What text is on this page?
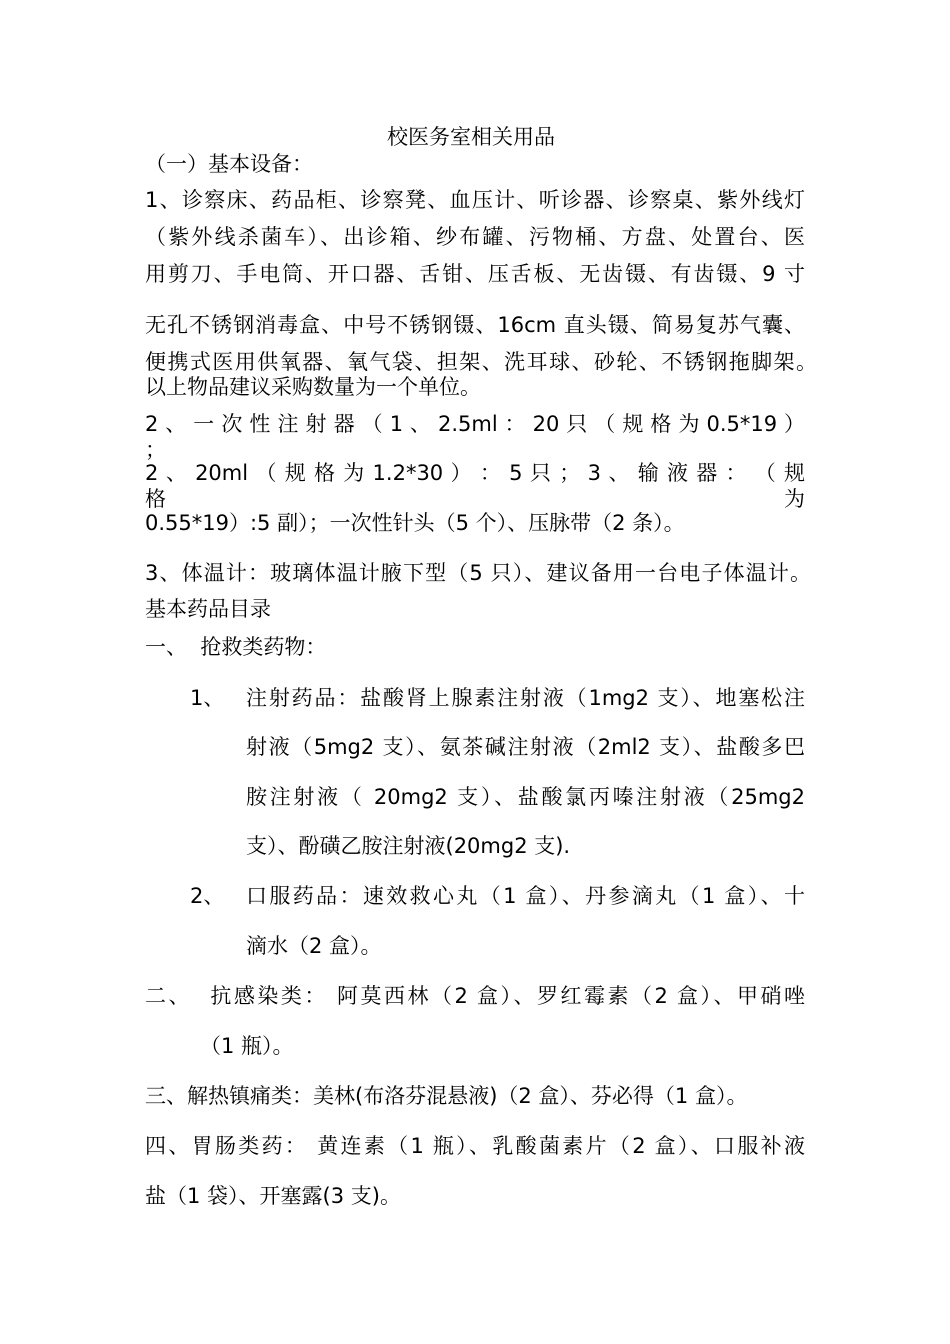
校医务室相关用品
（一）基本设备：
1、诊察床、药品柜、诊察凳、血压计、听诊器、诊察桌、紫外线灯
（紫外线杀菌车）、出诊箱、纱布罐、污物桶、方盘、处置台、医
用剪刀、手电筒、开口器、舌钳、压舌板、无齿镊、有齿镊、9 寸
无孔不锈钢消毒盒、中号不锈钢镊、16cm 直头镊、简易复苏气囊、
便携式医用供氧器、氧气袋、担架、洗耳球、砂轮、不锈钢拖脚架。
以上物品建议采购数量为一个单位。
2 、 一 次 性 注 射 器 （ 1 、 2.5ml ： 20 只 （ 规 格 为 0.5*19 ） ；
2 、 20ml （ 规 格 为 1.2*30 ） ： 5 只 ； 3 、 输 液 器 ： （ 规 格 为
0.55*19）:5 副）；一次性针头（5 个）、压脉带（2 条）。
3、体温计：玻璃体温计腋下型（5 只）、建议备用一台电子体温计。
基本药品目录
一、  抢救类药物：
1、 注射药品：盐酸肾上腺素注射液（1mg2 支）、地塞松注
射液（5mg2 支）、氨茶碱注射液（2ml2 支）、盐酸多巴
胺注射液（ 20mg2 支）、盐酸氯丙嗪注射液（25mg2
支）、酚磺乙胺注射液(20mg2 支).
2、 口服药品：速效救心丸（1 盒）、丹参滴丸（1 盒）、十
滴水（2 盒）。
二、  抗感染类： 阿莫西林（2 盒）、罗红霉素（2 盒）、甲硝唑
（1 瓶）。
三、解热镇痛类：美林(布洛芬混悬液)（2 盒）、芬必得（1 盒）。
四、胃肠类药： 黄连素（1 瓶）、乳酸菌素片（2 盒）、口服补液
盐（1 袋）、开塞露(3 支)。
